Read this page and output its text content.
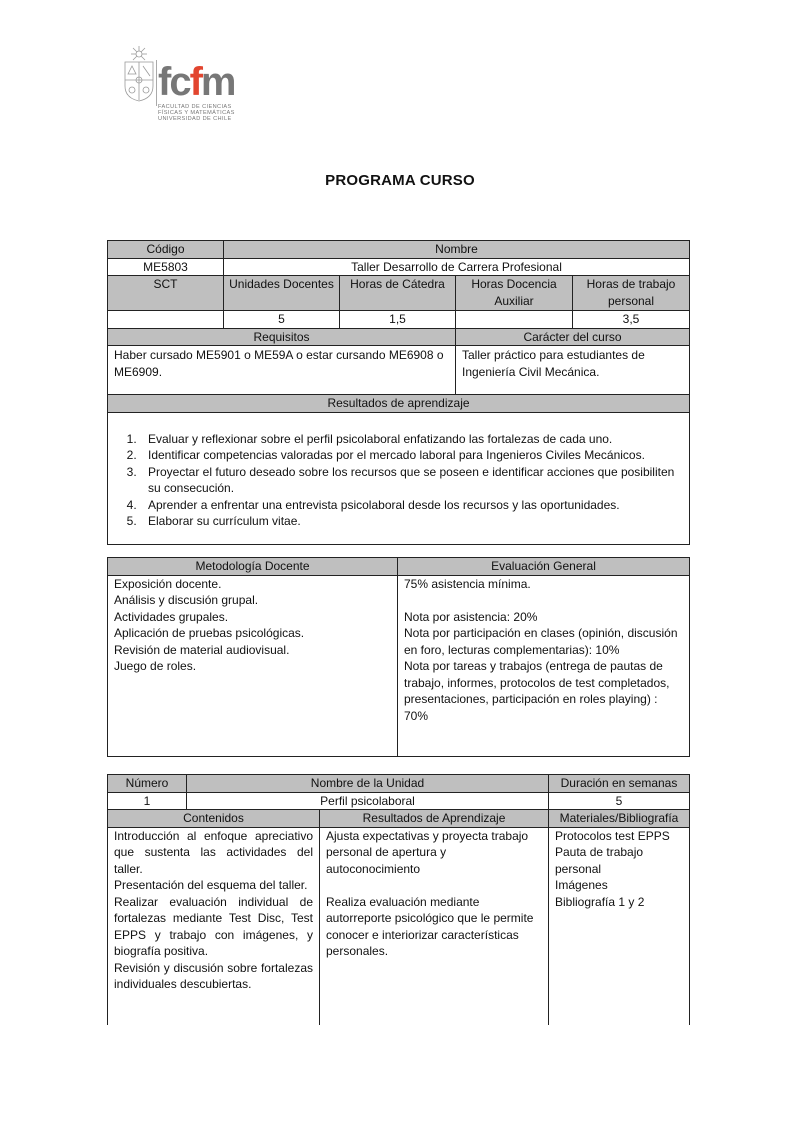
fcfm
FACULTAD DE CIENCIAS
FÍSICAS Y MATEMÁTICAS
UNIVERSIDAD DE CHILE
PROGRAMA CURSO
Código	Nombre			
ME5803	Taller Desarrollo de Carrera Profesional			
SCT	Unidades Docentes	Horas de Cátedra	Horas Docencia Auxiliar	Horas de trabajo personal
	5	1,5		3,5
Requisitos			Carácter del curso	
Haber cursado ME5901 o ME59A o estar cursando ME6908 o ME6909.			Taller práctico para estudiantes de Ingeniería Civil Mecánica.	
Resultados de aprendizaje				

1. Evaluar y reflexionar sobre el perfil psicolaboral enfatizando las fortalezas de cada uno.
2. Identificar competencias valoradas por el mercado laboral para Ingenieros Civiles Mecánicos.
3. Proyectar el futuro deseado sobre los recursos que se poseen e identificar acciones que posibiliten su consecución.
4. Aprender a enfrentar una entrevista psicolaboral desde los recursos y las oportunidades.
5. Elaborar su currículum vitae.
Metodología Docente	Evaluación General

Exposición docente.
Análisis y discusión grupal.
Actividades grupales.
Aplicación de pruebas psicológicas.
Revisión de material audiovisual.
Juego de roles.

75% asistencia mínima.
Nota por asistencia: 20%
Nota por participación en clases (opinión, discusión en foro, lecturas complementarias): 10%
Nota por tareas y trabajos (entrega de pautas de trabajo, informes, protocolos de test completados, presentaciones, participación en roles playing) : 70%
Número	Nombre de la Unidad		Duración en semanas
1	Perfil psicolaboral		5
Contenidos		Resultados de Aprendizaje	Materiales/Bibliografía

Introducción al enfoque apreciativo que sustenta las actividades del taller.
Presentación del esquema del taller.
Realizar evaluación individual de fortalezas mediante Test Disc, Test EPPS y trabajo con imágenes, y biografía positiva.
Revisión y discusión sobre fortalezas individuales descubiertas.

Ajusta expectativas y proyecta trabajo personal de apertura y autoconocimiento
Realiza evaluación mediante autorreporte psicológico que le permite conocer e interiorizar características personales.

Protocolos test EPPS
Pauta de trabajo personal
Imágenes
Bibliografía 1 y 2
